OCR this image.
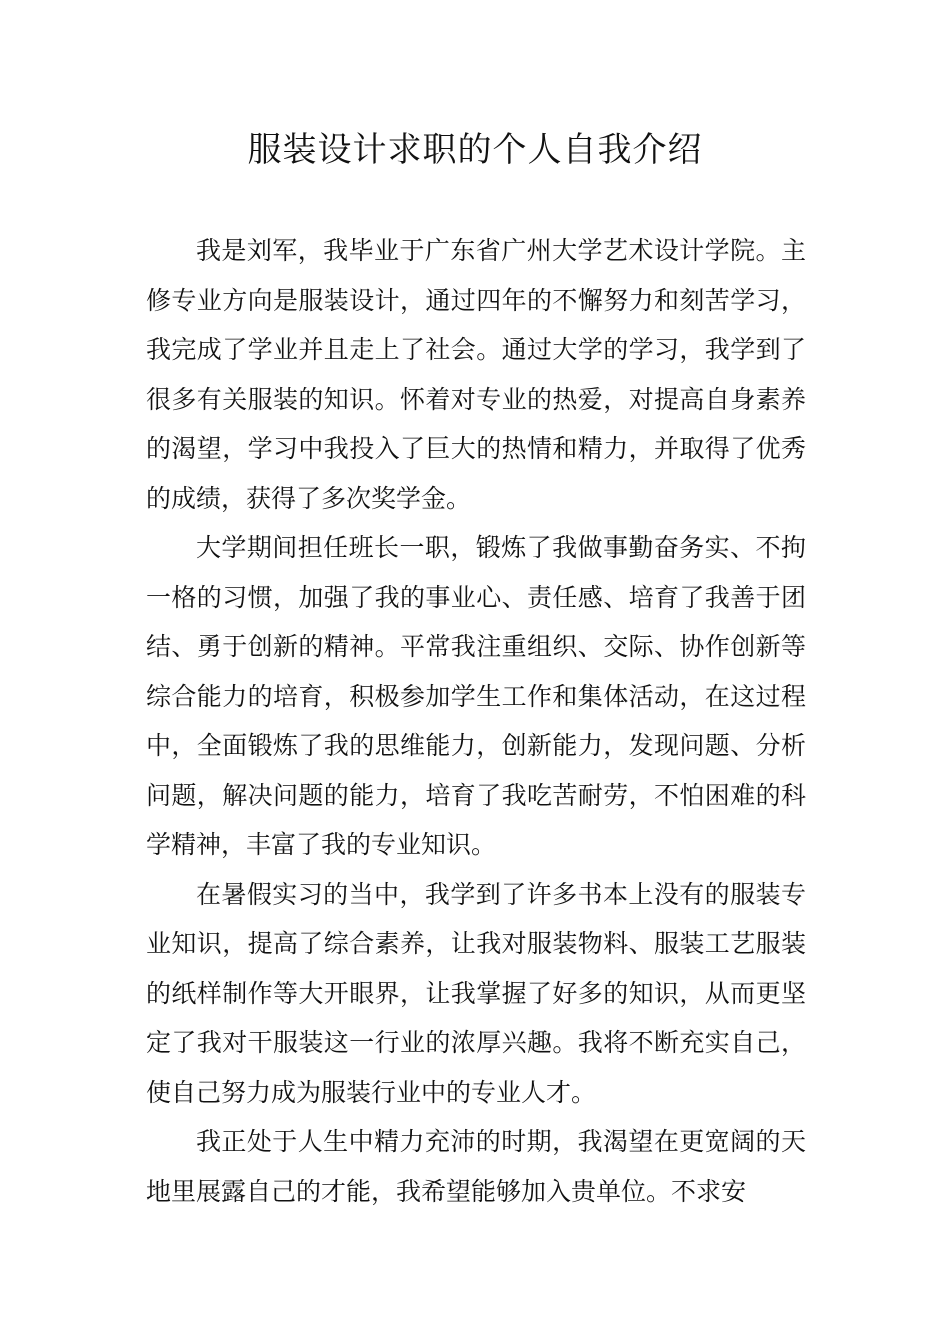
服装设计求职的个人自我介绍

我是刘军，我毕业于广东省广州大学艺术设计学院。主修专业方向是服装设计，通过四年的不懈努力和刻苦学习，我完成了学业并且走上了社会。通过大学的学习，我学到了很多有关服装的知识。怀着对专业的热爱，对提高自身素养的渴望，学习中我投入了巨大的热情和精力，并取得了优秀的成绩，获得了多次奖学金。

大学期间担任班长一职，锻炼了我做事勤奋务实、不拘一格的习惯，加强了我的事业心、责任感、培育了我善于团结、勇于创新的精神。平常我注重组织、交际、协作创新等综合能力的培育，积极参加学生工作和集体活动，在这过程中，全面锻炼了我的思维能力，创新能力，发现问题、分析问题，解决问题的能力，培育了我吃苦耐劳，不怕困难的科学精神，丰富了我的专业知识。

在暑假实习的当中，我学到了许多书本上没有的服装专业知识，提高了综合素养，让我对服装物料、服装工艺服装的纸样制作等大开眼界，让我掌握了好多的知识，从而更坚定了我对干服装这一行业的浓厚兴趣。我将不断充实自己，使自己努力成为服装行业中的专业人才。

我正处于人生中精力充沛的时期，我渴望在更宽阔的天地里展露自己的才能，我希望能够加入贵单位。不求安
